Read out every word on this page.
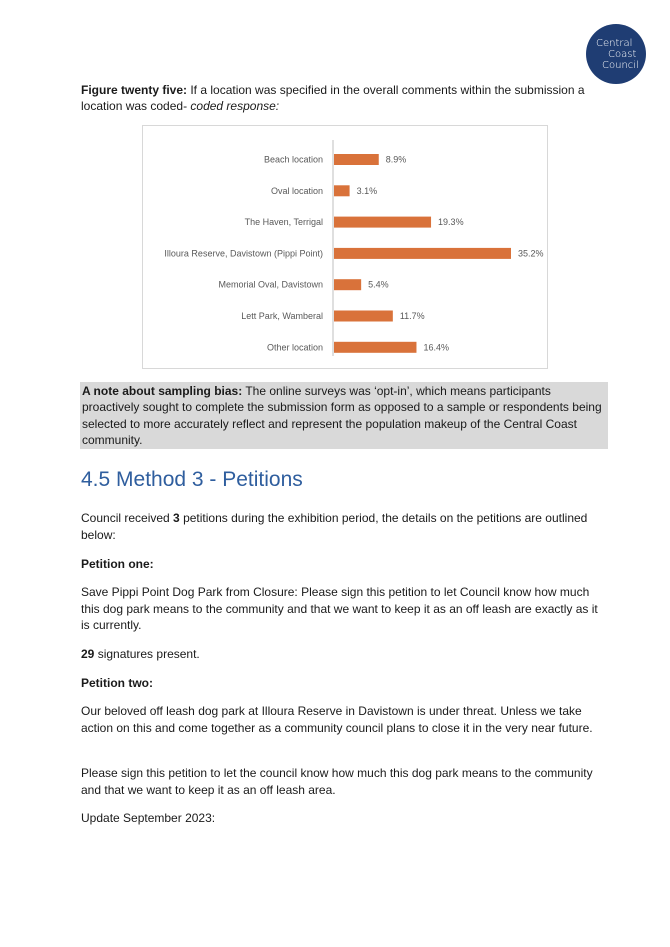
Central
Coast
Council

Figure twenty five: If a location was specified in the overall comments within the submission a location was coded- coded response:

Beach location	8.9%
Oval location	3.1%
The Haven, Terrigal	19.3%
Illoura Reserve, Davistown (Pippi Point)	35.2%
Memorial Oval, Davistown	5.4%
Lett Park, Wamberal	11.7%
Other location	16.4%
A note about sampling bias: The online surveys was ‘opt-in’, which means participants proactively sought to complete the submission form as opposed to a sample or respondents being selected to more accurately reflect and represent the population makeup of the Central Coast community.
4.5 Method 3 - Petitions

Council received 3 petitions during the exhibition period, the details on the petitions are outlined below:

Petition one:

Save Pippi Point Dog Park from Closure: Please sign this petition to let Council know how much this dog park means to the community and that we want to keep it as an off leash are exactly as it is currently.

29 signatures present.

Petition two:

Our beloved off leash dog park at Illoura Reserve in Davistown is under threat. Unless we take action on this and come together as a community council plans to close it in the very near future.

Please sign this petition to let the council know how much this dog park means to the community and that we want to keep it as an off leash area.

Update September 2023:
